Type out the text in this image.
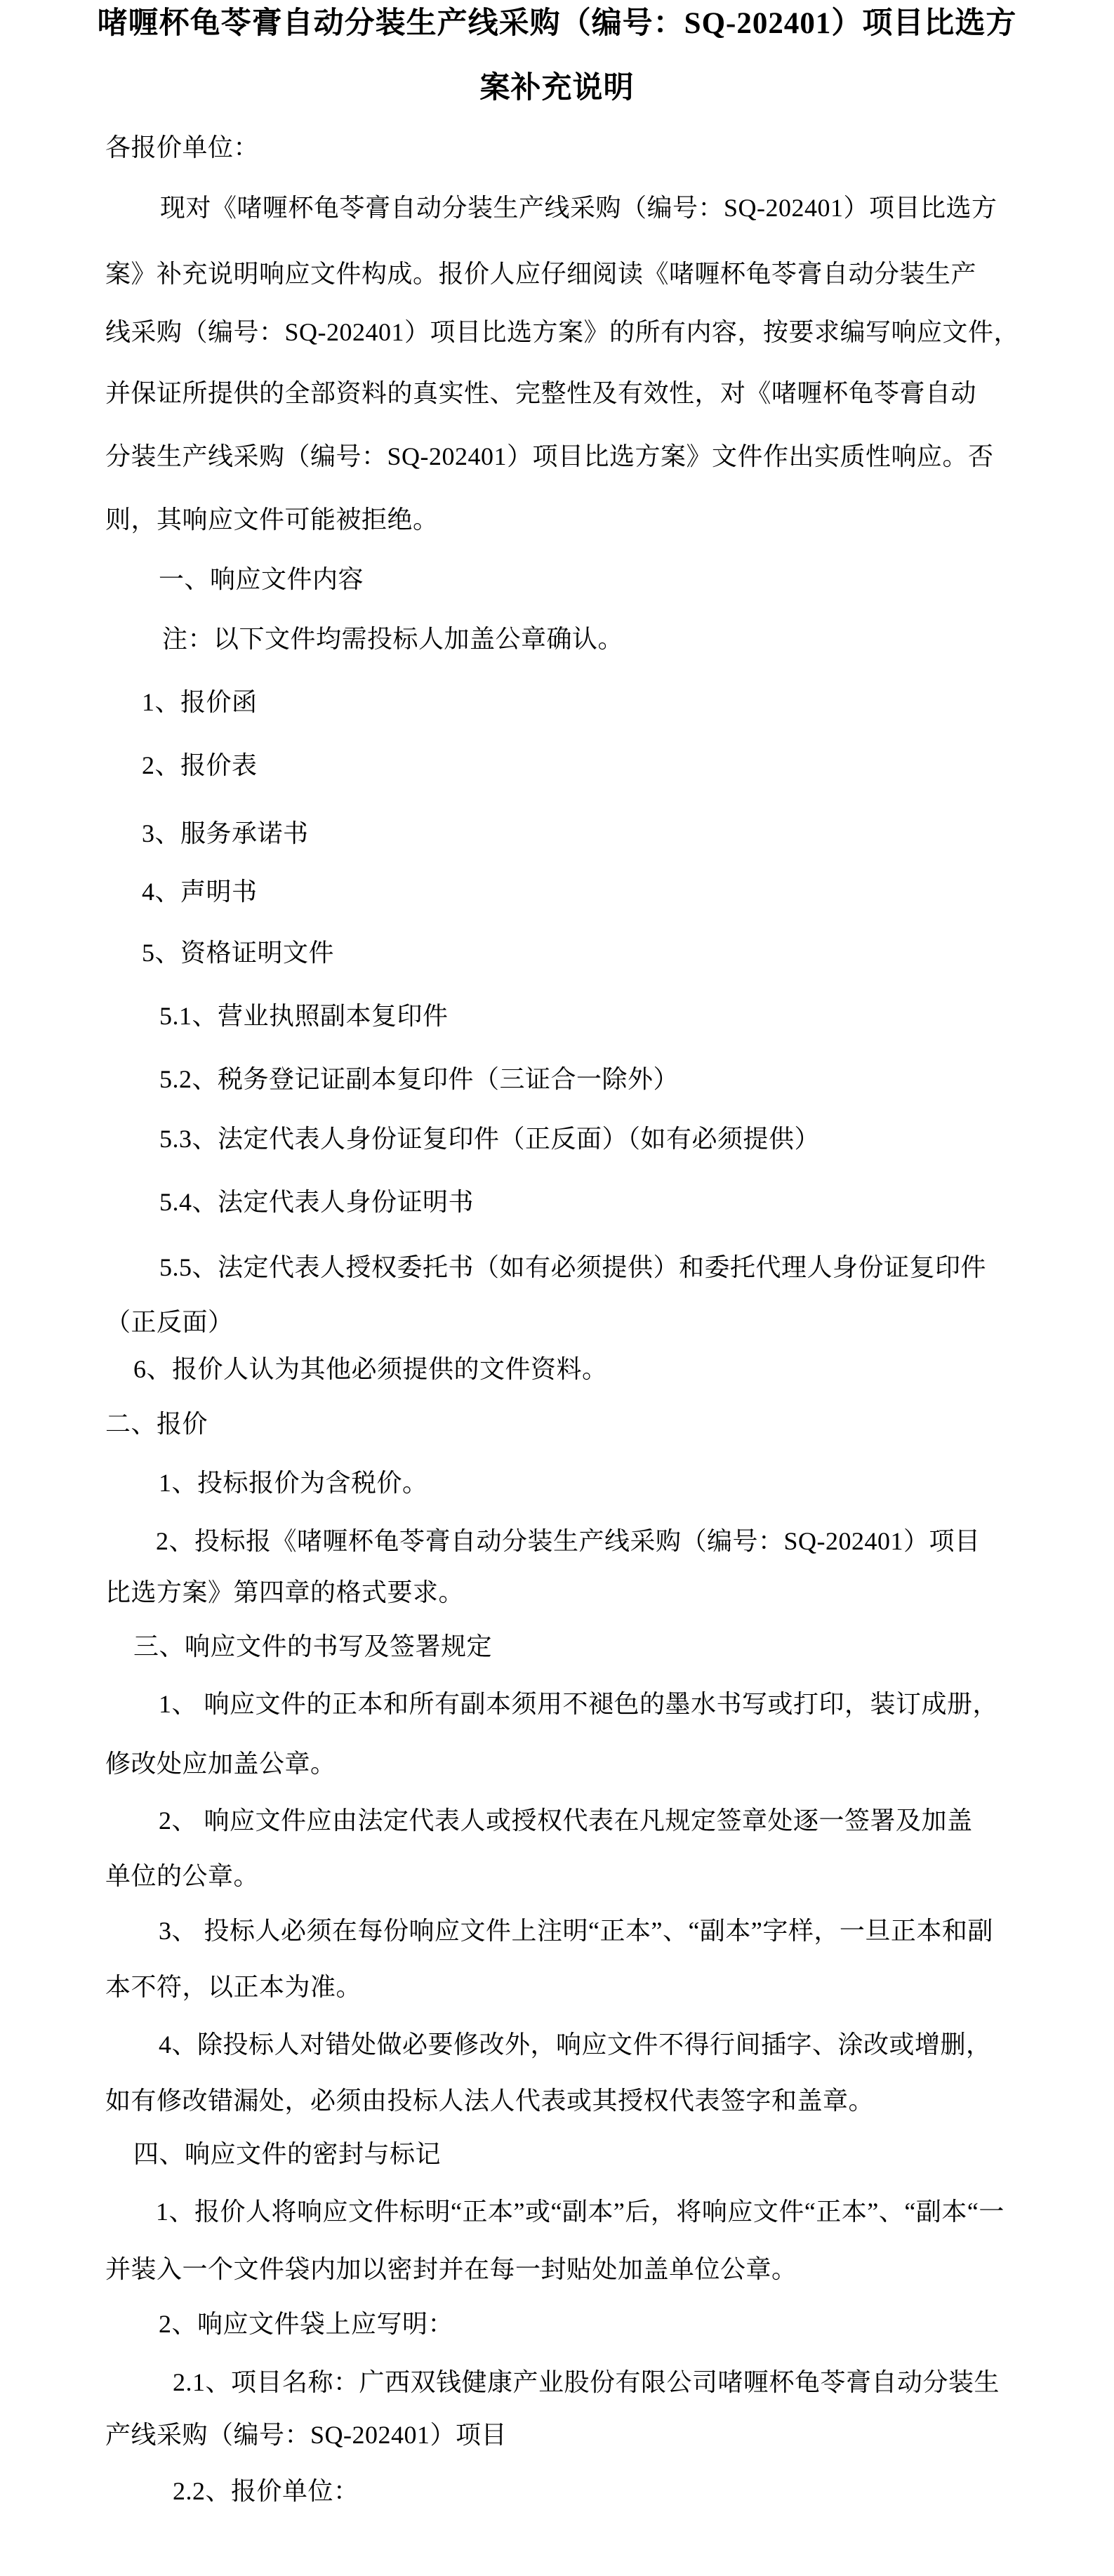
啫喱杯龟苓膏自动分装生产线采购（编号：SQ-202401）项目比选方
案补充说明

各报价单位：

现对《啫喱杯龟苓膏自动分装生产线采购（编号：SQ-202401）项目比选方

案》补充说明响应文件构成。报价人应仔细阅读《啫喱杯龟苓膏自动分装生产

线采购（编号：SQ-202401）项目比选方案》的所有内容，按要求编写响应文件，

并保证所提供的全部资料的真实性、完整性及有效性，对《啫喱杯龟苓膏自动

分装生产线采购（编号：SQ-202401）项目比选方案》文件作出实质性响应。否

则，其响应文件可能被拒绝。

一、响应文件内容

注：以下文件均需投标人加盖公章确认。

1、报价函

2、报价表

3、服务承诺书

4、声明书

5、资格证明文件

5.1、营业执照副本复印件

5.2、税务登记证副本复印件（三证合一除外）

5.3、法定代表人身份证复印件（正反面）（如有必须提供）

5.4、法定代表人身份证明书

5.5、法定代表人授权委托书（如有必须提供）和委托代理人身份证复印件

（正反面）

6、报价人认为其他必须提供的文件资料。

二、报价

1、投标报价为含税价。

2、投标报《啫喱杯龟苓膏自动分装生产线采购（编号：SQ-202401）项目

比选方案》第四章的格式要求。

三、响应文件的书写及签署规定

1、 响应文件的正本和所有副本须用不褪色的墨水书写或打印，装订成册，

修改处应加盖公章。

2、 响应文件应由法定代表人或授权代表在凡规定签章处逐一签署及加盖

单位的公章。

3、 投标人必须在每份响应文件上注明“正本”、“副本”字样，一旦正本和副

本不符，以正本为准。

4、除投标人对错处做必要修改外，响应文件不得行间插字、涂改或增删，

如有修改错漏处，必须由投标人法人代表或其授权代表签字和盖章。

四、响应文件的密封与标记

1、报价人将响应文件标明“正本”或“副本”后，将响应文件“正本”、“副本“一

并装入一个文件袋内加以密封并在每一封贴处加盖单位公章。

2、响应文件袋上应写明：

2.1、项目名称：广西双钱健康产业股份有限公司啫喱杯龟苓膏自动分装生

产线采购（编号：SQ-202401）项目

2.2、报价单位：
